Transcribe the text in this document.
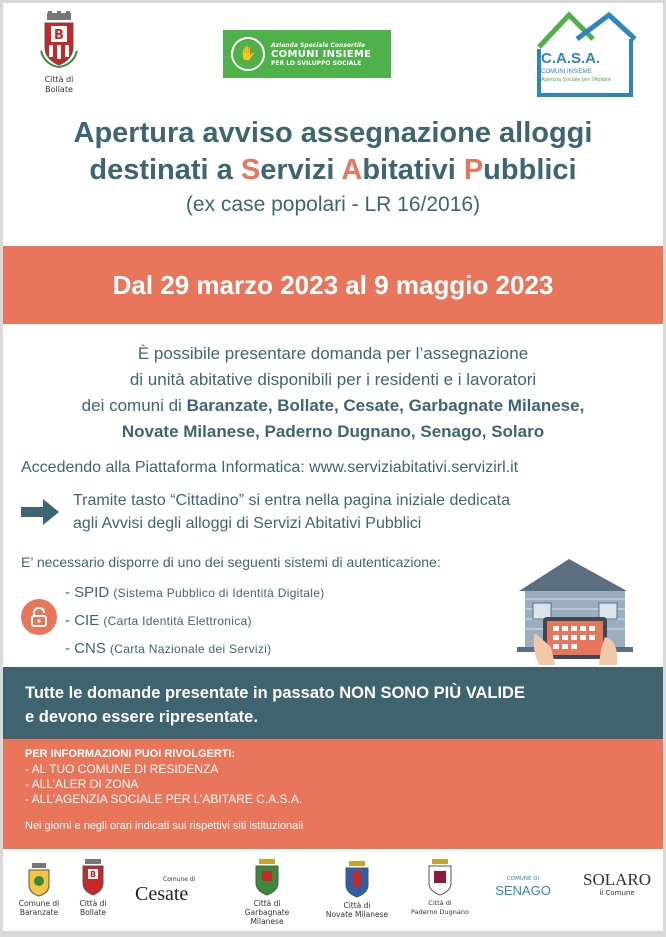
B
Città di
Bollate
✋
Azienda Speciale Consortile
COMUNI INSIEME
PER LO SVILUPPO SOCIALE	C.A.S.A.
COMUNI INSIEME
Agenzia Sociale per l'Abitare
Apertura avviso assegnazione alloggi
destinati a Servizi Abitativi Pubblici
(ex case popolari - LR 16/2016)
Dal 29 marzo 2023 al 9 maggio 2023
È possibile presentare domanda per l’assegnazione
di unità abitative disponibili per i residenti e i lavoratori
dei comuni di Baranzate, Bollate, Cesate, Garbagnate Milanese,
Novate Milanese, Paderno Dugnano, Senago, Solaro
Accedendo alla Piattaforma Informatica: www.serviziabitativi.servizirl.it
Tramite tasto “Cittadino” si entra nella pagina iniziale dedicata
agli Avvisi degli alloggi di Servizi Abitativi Pubblici
E’ necessario disporre di uno dei seguenti sistemi di autenticazione:
- SPID (Sistema Pubblico di Identità Digitale)
- CIE (Carta Identità Elettronica)
- CNS (Carta Nazionale dei Servizi)
Tutte le domande presentate in passato NON SONO PIÙ VALIDE
e devono essere ripresentate.
PER INFORMAZIONI PUOI RIVOLGERTI:
- AL TUO COMUNE DI RESIDENZA
- ALL’ALER DI ZONA
- ALL’AGENZIA SOCIALE PER L’ABITARE C.A.S.A.
Nei giorni e negli orari indicati sui rispettivi siti istituzionali
Comune di
Baranzate
B
Città di
Bollate
Comune di
Cesate	Città di
Garbagnate Milanese
Città di
Novate Milanese
Città di
Paderno Dugnano
COMUNE DI
SENAGO
SOLARO
il Comune
